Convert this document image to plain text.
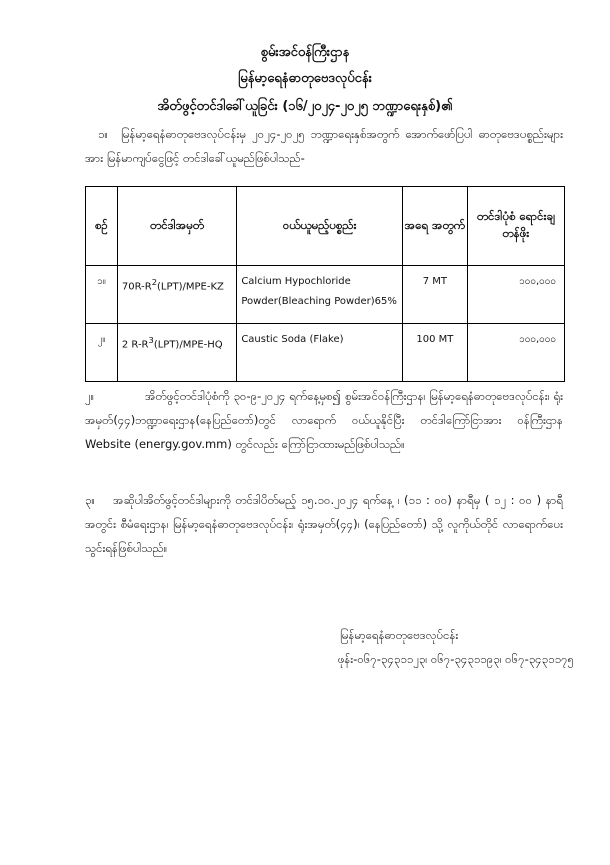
စွမ်းအင်ဝန်ကြီးဌာန
မြန်မာ့ရေနံဓာတုဗေဒလုပ်ငန်း
အိတ်ဖွင့်တင်ဒါခေါ်ယူခြင်း (၁၆/၂၀၂၄-၂၀၂၅ ဘဏ္ဍာရေးနှစ်)၏
၁။ မြန်မာ့ရေနံဓာတုဗေဒလုပ်ငန်းမှ ၂၀၂၄-၂၀၂၅ ဘဏ္ဍာရေးနှစ်အတွက် အောက်ဖော်ပြပါ ဓာတုဗေဒပစ္စည်းများအား မြန်မာကျပ်ငွေဖြင့် တင်ဒါခေါ်ယူမည်ဖြစ်ပါသည်-
စဉ်	တင်ဒါအမှတ်	ဝယ်ယူမည့်ပစ္စည်း	အရေ အတွက်	တင်ဒါပုံစံ ရောင်းချ တန်ဖိုး
၁။	$70R-R^2(LPT)/MPE-KZ$	Calcium Hypochloride Powder(Bleaching Powder)65%	7 MT	၁၀၀,၀၀၀
၂။	2 $R-R^3(LPT)/MPE-HQ$	Caustic Soda (Flake)	100 MT	၁၀၀,၀၀၀
၂။	အိတ်ဖွင့်တင်ဒါပုံစံကို ၃၀-၉-၂၀၂၄ ရက်နေ့မှစ၍ စွမ်းအင်ဝန်ကြီးဌာန၊ မြန်မာ့ရေနံဓာတုဗေဒလုပ်ငန်း၊ ရုံးအမှတ်(၄၄)ဘဏ္ဍာရေးဌာန(နေပြည်တော်)တွင် လာရောက် ဝယ်ယူနိုင်ပြီး တင်ဒါကြော်ငြာအား ဝန်ကြီးဌာန Website (energy.gov.mm) တွင်လည်း ကြော်ငြာထားမည်ဖြစ်ပါသည်။
၃။ အဆိုပါအိတ်ဖွင့်တင်ဒါများကို တင်ဒါပိတ်မည့် ၁၅.၁၀.၂၀၂၄ ရက်နေ့ ၊ (၁၁ : ၀၀) နာရီမှ ( ၁၂ : ၀၀ ) နာရီအတွင်း စီမံရေးဌာန၊ မြန်မာ့ရေနံဓာတုဗေဒလုပ်ငန်း၊ ရုံးအမှတ်(၄၄)၊ (နေပြည်တော်) သို့ လူကိုယ်တိုင် လာရောက်ပေးသွင်းရန်ဖြစ်ပါသည်။
မြန်မာ့ရေနံဓာတုဗေဒလုပ်ငန်း
ဖုန်း-၀၆၇-၃၄၃၁၁၂၃၊ ၀၆၇-၃၄၃၁၁၉၃၊ ၀၆၇-၃၄၃၁၁၇၅
